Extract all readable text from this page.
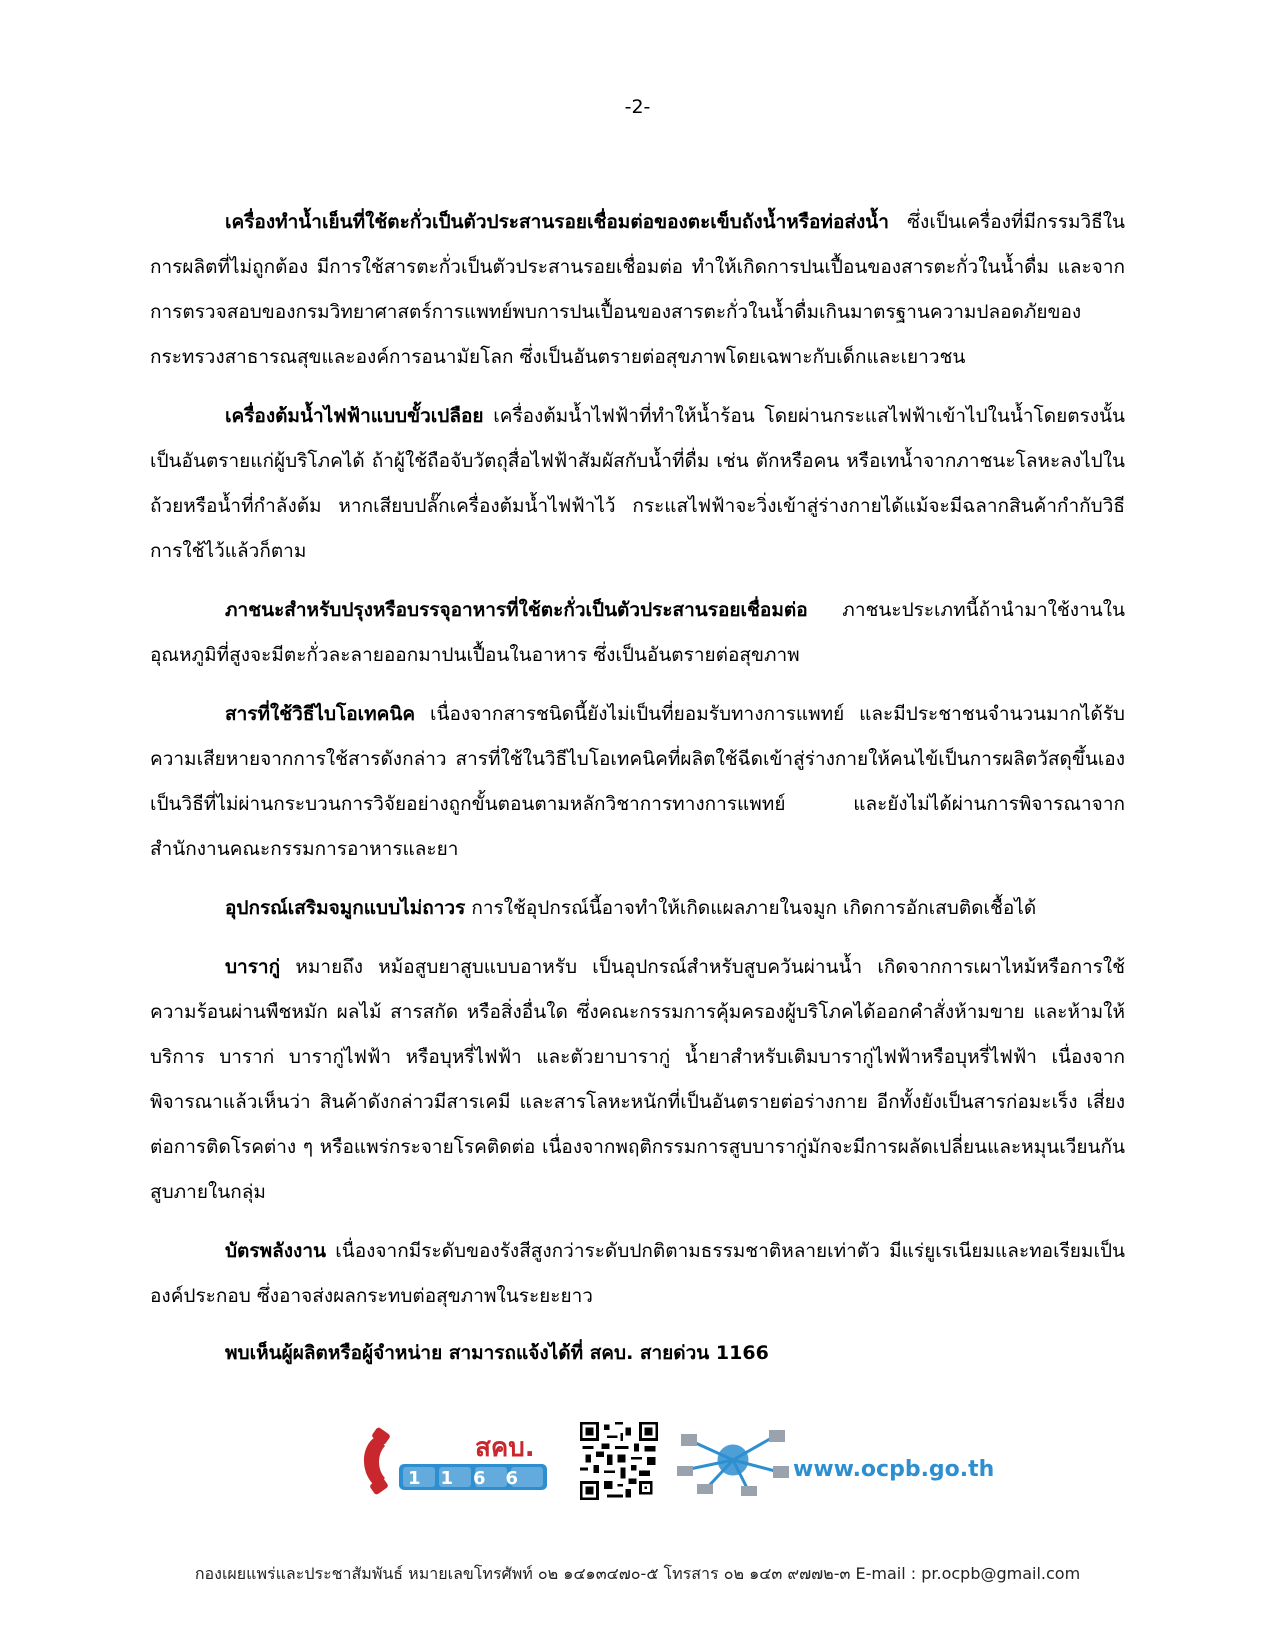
-2-

เครื่องทำน้ำเย็นที่ใช้ตะกั่วเป็นตัวประสานรอยเชื่อมต่อของตะเข็บถังน้ำหรือท่อส่งน้ำ ซึ่งเป็นเครื่องที่มีกรรมวิธีในการผลิตที่ไม่ถูกต้อง มีการใช้สารตะกั่วเป็นตัวประสานรอยเชื่อมต่อ ทำให้เกิดการปนเปื้อนของสารตะกั่วในน้ำดื่ม และจากการตรวจสอบของกรมวิทยาศาสตร์การแพทย์พบการปนเปื้อนของสารตะกั่วในน้ำดื่มเกินมาตรฐานความปลอดภัยของกระทรวงสาธารณสุขและองค์การอนามัยโลก ซึ่งเป็นอันตรายต่อสุขภาพโดยเฉพาะกับเด็กและเยาวชน

เครื่องต้มน้ำไฟฟ้าแบบขั้วเปลือย เครื่องต้มน้ำไฟฟ้าที่ทำให้น้ำร้อน โดยผ่านกระแสไฟฟ้าเข้าไปในน้ำโดยตรงนั้นเป็นอันตรายแก่ผู้บริโภคได้ ถ้าผู้ใช้ถือจับวัตถุสื่อไฟฟ้าสัมผัสกับน้ำที่ดื่ม เช่น ตักหรือคน หรือเทน้ำจากภาชนะโลหะลงไปในถ้วยหรือน้ำที่กำลังต้ม หากเสียบปลั๊กเครื่องต้มน้ำไฟฟ้าไว้ กระแสไฟฟ้าจะวิ่งเข้าสู่ร่างกายได้แม้จะมีฉลากสินค้ากำกับวิธีการใช้ไว้แล้วก็ตาม

ภาชนะสำหรับปรุงหรือบรรจุอาหารที่ใช้ตะกั่วเป็นตัวประสานรอยเชื่อมต่อ ภาชนะประเภทนี้ถ้านำมาใช้งานในอุณหภูมิที่สูงจะมีตะกั่วละลายออกมาปนเปื้อนในอาหาร ซึ่งเป็นอันตรายต่อสุขภาพ

สารที่ใช้วิธีไบโอเทคนิค เนื่องจากสารชนิดนี้ยังไม่เป็นที่ยอมรับทางการแพทย์ และมีประชาชนจำนวนมากได้รับความเสียหายจากการใช้สารดังกล่าว สารที่ใช้ในวิธีไบโอเทคนิคที่ผลิตใช้ฉีดเข้าสู่ร่างกายให้คนไข้เป็นการผลิตวัสดุขึ้นเอง เป็นวิธีที่ไม่ผ่านกระบวนการวิจัยอย่างถูกขั้นตอนตามหลักวิชาการทางการแพทย์ และยังไม่ได้ผ่านการพิจารณาจากสำนักงานคณะกรรมการอาหารและยา

อุปกรณ์เสริมจมูกแบบไม่ถาวร การใช้อุปกรณ์นี้อาจทำให้เกิดแผลภายในจมูก เกิดการอักเสบติดเชื้อได้

บารากู่ หมายถึง หม้อสูบยาสูบแบบอาหรับ เป็นอุปกรณ์สำหรับสูบควันผ่านน้ำ เกิดจากการเผาไหม้หรือการใช้ความร้อนผ่านพืชหมัก ผลไม้ สารสกัด หรือสิ่งอื่นใด ซึ่งคณะกรรมการคุ้มครองผู้บริโภคได้ออกคำสั่งห้ามขาย และห้ามให้บริการ บาราก่ บารากู่ไฟฟ้า หรือบุหรี่ไฟฟ้า และตัวยาบารากู่ น้ำยาสำหรับเติมบารากู่ไฟฟ้าหรือบุหรี่ไฟฟ้า เนื่องจากพิจารณาแล้วเห็นว่า สินค้าดังกล่าวมีสารเคมี และสารโลหะหนักที่เป็นอันตรายต่อร่างกาย อีกทั้งยังเป็นสารก่อมะเร็ง เสี่ยงต่อการติดโรคต่าง ๆ หรือแพร่กระจายโรคติดต่อ เนื่องจากพฤติกรรมการสูบบารากู่มักจะมีการผลัดเปลี่ยนและหมุนเวียนกันสูบภายในกลุ่ม

บัตรพลังงาน เนื่องจากมีระดับของรังสีสูงกว่าระดับปกติตามธรรมชาติหลายเท่าตัว มีแร่ยูเรเนียมและทอเรียมเป็นองค์ประกอบ ซึ่งอาจส่งผลกระทบต่อสุขภาพในระยะยาว

พบเห็นผู้ผลิตหรือผู้จำหน่าย สามารถแจ้งได้ที่ สคบ. สายด่วน 1166
สคบ.
1166	www.ocpb.go.th
กองเผยแพร่และประชาสัมพันธ์ หมายเลขโทรศัพท์ ๐๒ ๑๔๑๓๔๗๐-๕ โทรสาร ๐๒ ๑๔๓ ๙๗๗๒-๓ E-mail : pr.ocpb@gmail.com
